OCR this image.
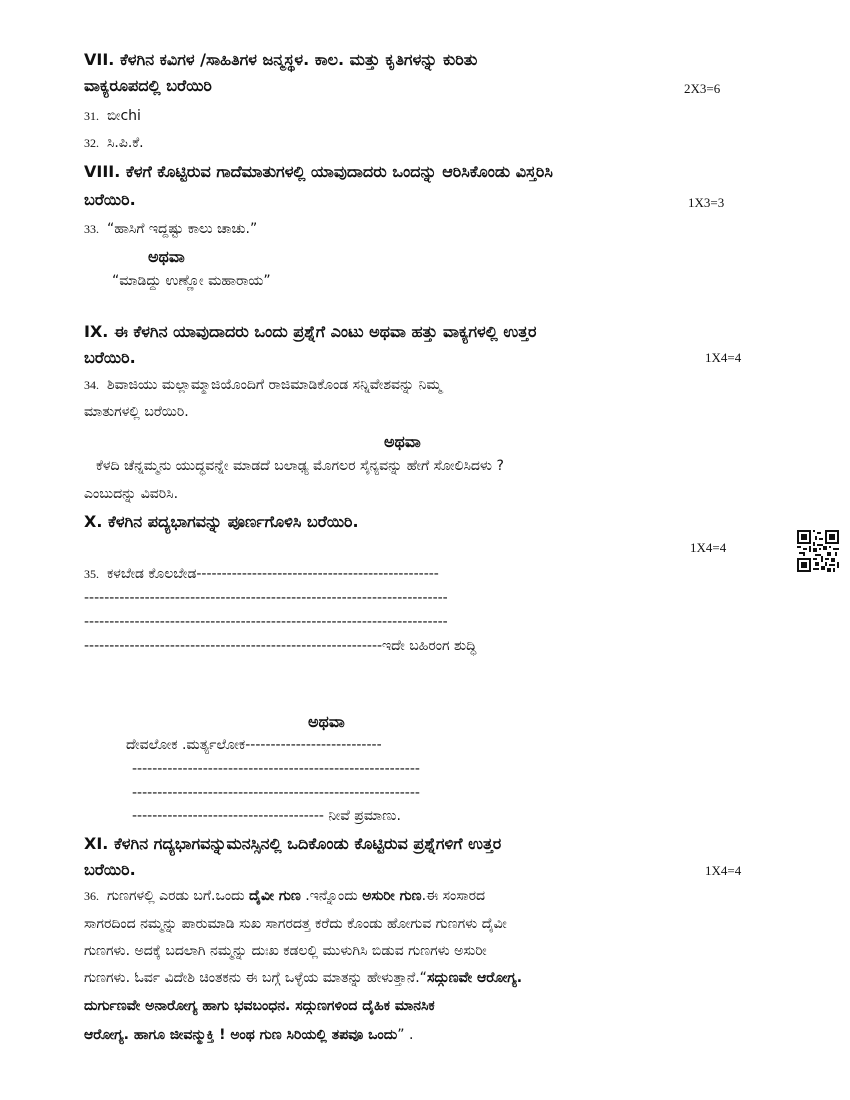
VII. ಕೆಳಗಿನ ಕವಿಗಳ /ಸಾಹಿತಿಗಳ ಜನ್ಮಸ್ಥಳ. ಕಾಲ. ಮತ್ತು ಕೃತಿಗಳನ್ನು ಕುರಿತು
ವಾಕ್ಯರೂಪದಲ್ಲಿ ಬರೆಯಿರಿ	2X3=6
31. ಬೀchi
32. ಸಿ.ಪಿ.ಕೆ.
VIII. ಕೆಳಗೆ ಕೊಟ್ಟಿರುವ ಗಾದೆಮಾತುಗಳಲ್ಲಿ ಯಾವುದಾದರು ಒಂದನ್ನು ಆರಿಸಿಕೊಂಡು ವಿಸ್ತರಿಸಿ
ಬರೆಯಿರಿ.	1X3=3
33. “ಹಾಸಿಗೆ ಇದ್ದಷ್ಟು ಕಾಲು ಚಾಚು.”
ಅಥವಾ
“ಮಾಡಿದ್ದು ಉಣ್ಣೋ ಮಹಾರಾಯ”
IX. ಈ ಕೆಳಗಿನ ಯಾವುದಾದರು ಒಂದು ಪ್ರಶ್ನೆಗೆ ಎಂಟು ಅಥವಾ ಹತ್ತು ವಾಕ್ಯಗಳಲ್ಲಿ ಉತ್ತರ
ಬರೆಯಿರಿ.	1X4=4
34. ಶಿವಾಜಿಯು ಮಲ್ಲಾಮ್ಮಾಜಿಯೊಂದಿಗೆ ರಾಜಿಮಾಡಿಕೊಂಡ ಸನ್ನಿವೇಶವನ್ನು ನಿಮ್ಮ
ಮಾತುಗಳಲ್ಲಿ ಬರೆಯಿರಿ.
ಅಥವಾ
ಕೆಳದಿ ಚೆನ್ನಮ್ಮನು ಯುದ್ಧವನ್ನೇ ಮಾಡದೆ ಬಲಾಢ್ಯ ಮೊಗಲರ ಸೈನ್ಯವನ್ನು ಹೇಗೆ ಸೋಲಿಸಿದಳು ?
ಎಂಬುದನ್ನು ವಿವರಿಸಿ.
X. ಕೆಳಗಿನ ಪದ್ಯಭಾಗವನ್ನು ಪೂರ್ಣಗೊಳಿಸಿ ಬರೆಯಿರಿ.
1X4=4
35. ಕಳಬೇಡ ಕೊಲಬೇಡ------------------------------------------------
------------------------------------------------------------------------
------------------------------------------------------------------------
-----------------------------------------------------------ಇದೇ ಬಹಿರಂಗ ಶುದ್ಧಿ
ಅಥವಾ
ದೇವಲೋಕ .ಮರ್ತ್ಯಲೋಕ---------------------------
---------------------------------------------------------
---------------------------------------------------------
-------------------------------------- ನೀವೆ ಪ್ರಮಾಣು.
XI. ಕೆಳಗಿನ ಗದ್ಯಭಾಗವನ್ನುಮನಸ್ಸಿನಲ್ಲಿ ಒದಿಕೊಂಡು ಕೊಟ್ಟಿರುವ ಪ್ರಶ್ನೆಗಳಿಗೆ ಉತ್ತರ
ಬರೆಯಿರಿ.	1X4=4
36. ಗುಣಗಳಲ್ಲಿ ಎರಡು ಬಗೆ.ಒಂದು ದೈವೀ ಗುಣ .ಇನ್ನೊಂದು ಅಸುರೀ ಗುಣ.ಈ ಸಂಸಾರದ
ಸಾಗರದಿಂದ ನಮ್ಮನ್ನು ಪಾರುಮಾಡಿ ಸುಖ ಸಾಗರದತ್ತ ಕರೆದು ಕೊಂಡು ಹೋಗುವ ಗುಣಗಳು ದೈವೀ
ಗುಣಗಳು. ಅದಕ್ಕೆ ಬದಲಾಗಿ ನಮ್ಮನ್ನು ದುಃಖ ಕಡಲಲ್ಲಿ ಮುಳುಗಿಸಿ ಬಿಡುವ ಗುಣಗಳು ಅಸುರೀ
ಗುಣಗಳು. ಓರ್ವ ವಿದೇಶಿ ಚಿಂತಕನು ಈ ಬಗ್ಗೆ ಒಳ್ಳೆಯ ಮಾತನ್ನು ಹೇಳುತ್ತಾನೆ.“ಸದ್ಗುಣವೇ ಆರೋಗ್ಯ.
ದುರ್ಗುಣವೇ ಅನಾರೋಗ್ಯ ಹಾಗು ಭವಬಂಧನ. ಸದ್ಗುಣಗಳಿಂದ ದೈಹಿಕ ಮಾನಸಿಕ
ಆರೋಗ್ಯ. ಹಾಗೂ ಜೀವನ್ಮುಕ್ತಿ ! ಅಂಥ ಗುಣ ಸಿರಿಯಲ್ಲಿ ತಪವೂ ಒಂದು” .
